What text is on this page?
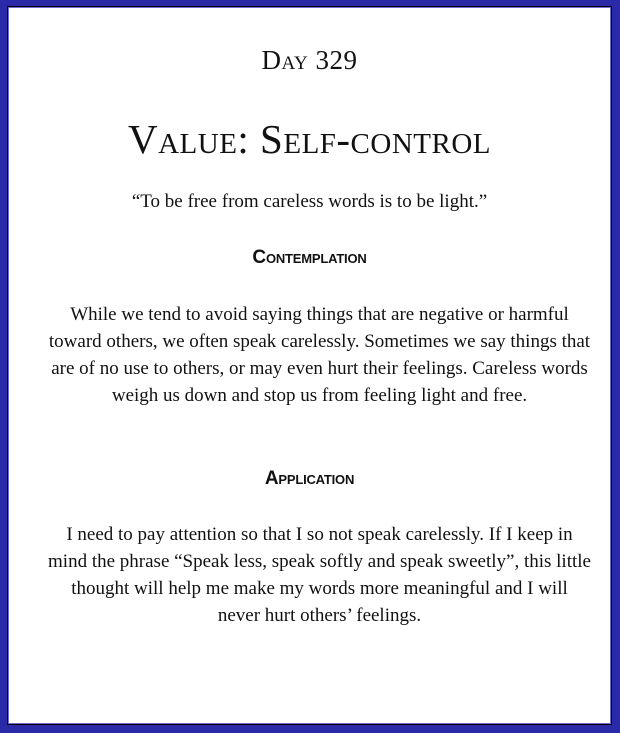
Day 329
Value: Self-control
“To be free from careless words is to be light.”
Contemplation
While we tend to avoid saying things that are negative or harmful toward others, we often speak carelessly. Sometimes we say things that are of no use to others, or may even hurt their feelings. Careless words weigh us down and stop us from feeling light and free.
Application
I need to pay attention so that I so not speak carelessly. If I keep in mind the phrase “Speak less, speak softly and speak sweetly”, this little thought will help me make my words more meaningful and I will never hurt others’ feelings.
